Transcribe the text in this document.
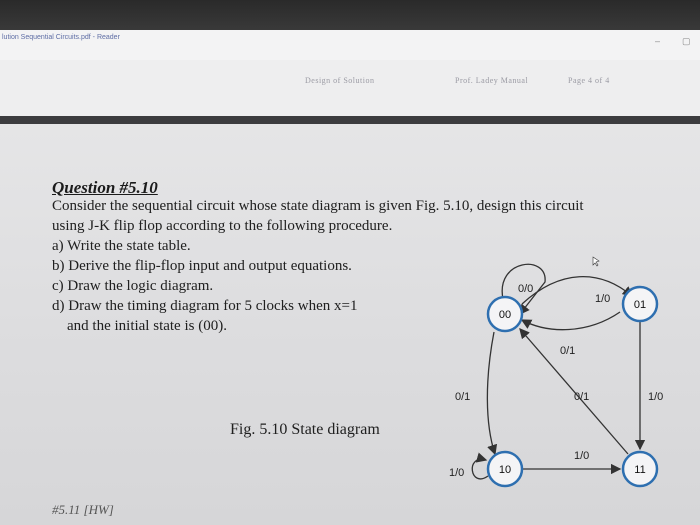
lution Sequential Circuits.pdf - Reader	– ▢
Design of Solution	Prof. Ladey Manual	Page 4 of 4
Question #5.10
Consider the sequential circuit whose state diagram is given Fig. 5.10, design this circuit
using J-K flip flop according to the following procedure.
a) Write the state table.
b) Derive the flip-flop input and output equations.
c) Draw the logic diagram.
d) Draw the timing diagram for 5 clocks when x=1
and the initial state is (00).
Fig. 5.10 State diagram
#5.11 [HW]
00
01
10	11
0/0
1/0
0/1
0/1	0/1	1/0
1/0
1/0
